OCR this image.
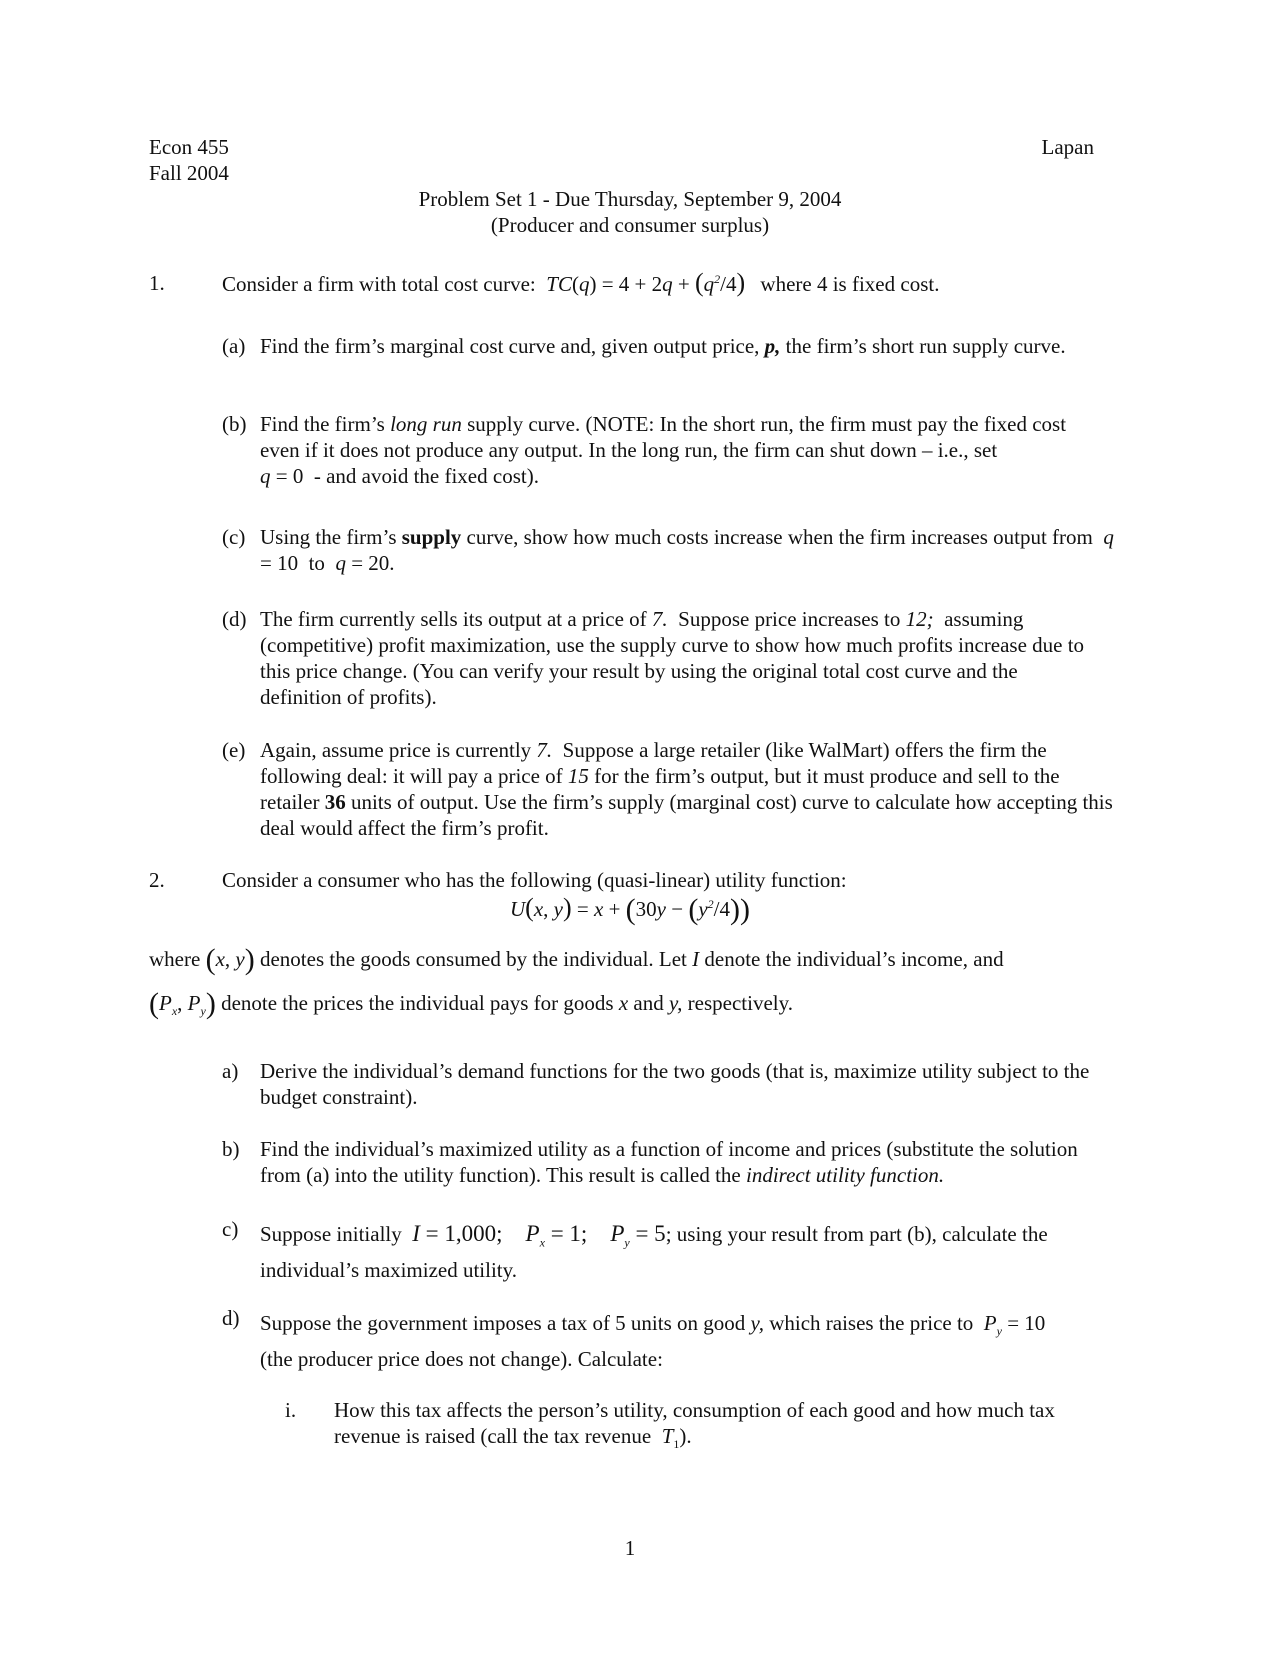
Econ 455
Fall 2004
Lapan
Problem Set 1 - Due Thursday, September 9, 2004
(Producer and consumer surplus)
1.	Consider a firm with total cost curve:  $TC(q) = 4 + 2q + (q^2/4)$ where 4 is fixed cost.
(a) Find the firm’s marginal cost curve and, given output price, p, the firm’s short run supply curve.
(b) Find the firm’s long run supply curve. (NOTE: In the short run, the firm must pay the fixed cost even if it does not produce any output. In the long run, the firm can shut down – i.e., set
q = 0 - and avoid the fixed cost).
(c) Using the firm’s supply curve, show how much costs increase when the firm increases output from q = 10 to q = 20.
(d) The firm currently sells its output at a price of 7. Suppose price increases to 12; assuming (competitive) profit maximization, use the supply curve to show how much profits increase due to this price change. (You can verify your result by using the original total cost curve and the definition of profits).
(e) Again, assume price is currently 7. Suppose a large retailer (like WalMart) offers the firm the following deal: it will pay a price of 15 for the firm’s output, but it must produce and sell to the retailer 36 units of output. Use the firm’s supply (marginal cost) curve to calculate how accepting this deal would affect the firm’s profit.
2.	Consider a consumer who has the following (quasi-linear) utility function:
U(x, $y) = x + (30y - (y^2/4))$
where (x, y) denotes the goods consumed by the individual. Let I denote the individual’s income, and
($P_x$, $P_y$) denote the prices the individual pays for goods x and y, respectively.
a) Derive the individual’s demand functions for the two goods (that is, maximize utility subject to the budget constraint).
b) Find the individual’s maximized utility as a function of income and prices (substitute the solution from (a) into the utility function). This result is called the indirect utility function.
c) Suppose initially I = 1,000;    $P_x = 1$;    $P_y = 5$; using your result from part (b), calculate the individual’s maximized utility.
d) Suppose the government imposes a tax of 5 units on good y, which raises the price to $P_y = 10$
(the producer price does not change). Calculate:
i. How this tax affects the person’s utility, consumption of each good and how much tax revenue is raised (call the tax revenue $T_1$).
1
